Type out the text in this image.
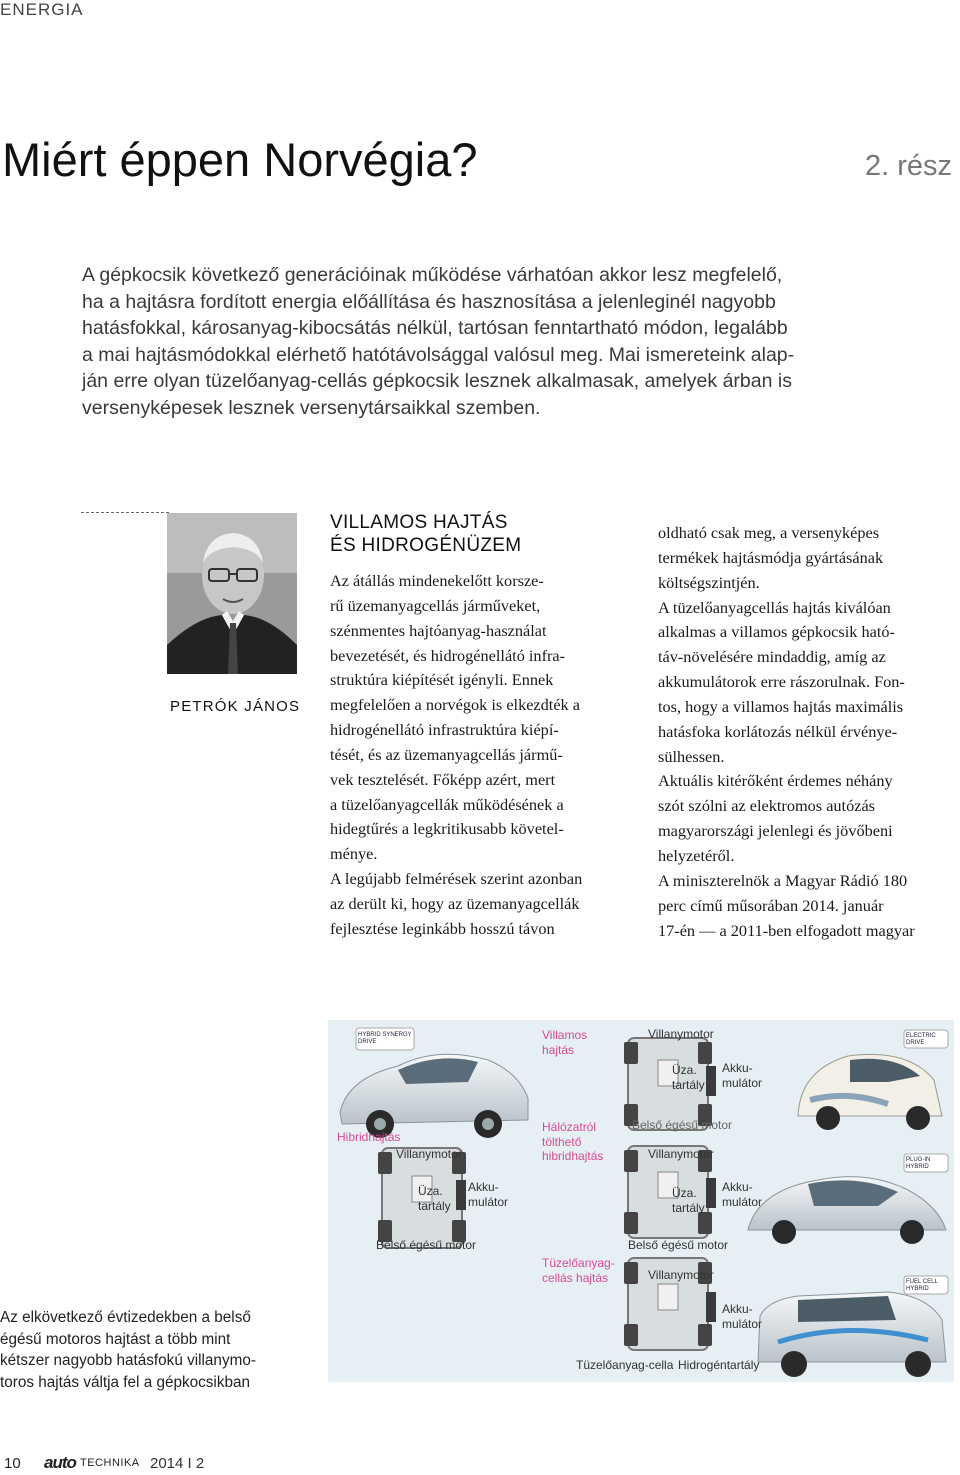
ENERGIA
Miért éppen Norvégia?	2. rész

A gépkocsik következő generációinak működése várhatóan akkor lesz megfelelő,

ha a hajtásra fordított energia előállítása és hasznosítása a jelenleginél nagyobb

hatásfokkal, károsanyag-kibocsátás nélkül, tartósan fenntartható módon, legalább

a mai hajtásmódokkal elérhető hatótávolsággal valósul meg. Mai ismereteink alap-

ján erre olyan tüzelőanyag-cellás gépkocsik lesznek alkalmasak, amelyek árban is

versenyképesek lesznek versenytársaikkal szemben.

PETRÓK JÁNOS
VILLAMOS HAJTÁS
ÉS HIDROGÉNÜZEM
Az átállás mindenekelőtt korsze-
rű üzemanyagcellás járműveket,
szénmentes hajtóanyag-használat
bevezetését, és hidrogénellátó infra-
struktúra kiépítését igényli. Ennek
megfelelően a norvégok is elkezdték a
hidrogénellátó infrastruktúra kiépí-
tését, és az üzemanyagcellás jármű-
vek tesztelését. Főképp azért, mert
a tüzelőanyagcellák működésének a
hidegtűrés a legkritikusabb követel-
ménye.
A legújabb felmérések szerint azonban
az derült ki, hogy az üzemanyagcellák
fejlesztése leginkább hosszú távon
oldható csak meg, a versenyképes
termékek hajtásmódja gyártásának
költségszintjén.
A tüzelőanyagcellás hajtás kiválóan
alkalmas a villamos gépkocsik ható-
táv-növelésére mindaddig, amíg az
akkumulátorok erre rászorulnak. Fon-
tos, hogy a villamos hajtás maximális
hatásfoka korlátozás nélkül érvénye-
sülhessen.
Aktuális kitérőként érdemes néhány
szót szólni az elektromos autózás
magyarországi jelenlegi és jövőbeni
helyzetéről.
A miniszterelnök a Magyar Rádió 180
perc című műsorában 2014. január
17-én — a 2011-ben elfogadott magyar
HYBRID SYNERGY DRIVE
ELECTRIC DRIVE
PLUG-IN HYBRID
FUEL CELL HYBRID
Villamos hajtás
Villanymotor
Üza. tartály
Akku- mulátor
Hibridhajtás
Villanymotor
Üza. tartály
Akku- mulátor
Belső égésű motor
Hálózatról tölthető hibridhajtás
Belső égésű motor
Villanymotor
Üza. tartály
Akku- mulátor
Belső égésű motor
Tüzelőanyag- cellás hajtás	Villanymotor
Akku- mulátor
Tüzelőanyag-cella Hidrogéntartály
Az elkövetkező évtizedekben a belső
égésű motoros hajtást a több mint
kétszer nagyobb hatásfokú villanymo-
toros hajtás váltja fel a gépkocsikban
10 auto TECHNIKA 2014 I 2
